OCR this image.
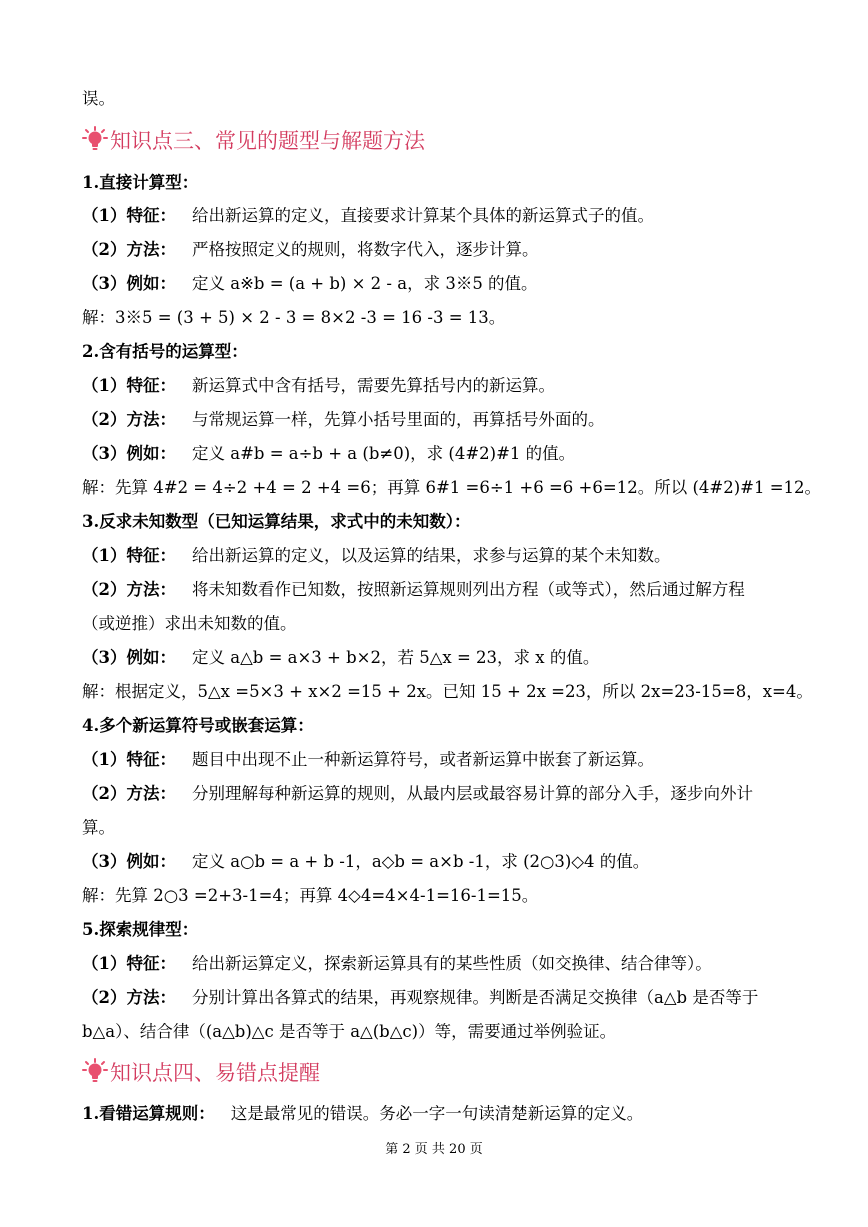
误。
知识点三、常见的题型与解题方法
1.直接计算型：
（1）特征： 给出新运算的定义，直接要求计算某个具体的新运算式子的值。
（2）方法： 严格按照定义的规则，将数字代入，逐步计算。
（3）例如： 定义 a※b = (a + b) × 2 - a，求 3※5 的值。
解：3※5 = (3 + 5) × 2 - 3 = 8×2 -3 = 16 -3 = 13。
2.含有括号的运算型：
（1）特征： 新运算式中含有括号，需要先算括号内的新运算。
（2）方法： 与常规运算一样，先算小括号里面的，再算括号外面的。
（3）例如： 定义 a#b = a÷b + a (b≠0)，求 (4#2)#1 的值。
解：先算 4#2 = 4÷2 +4 = 2 +4 =6；再算 6#1 =6÷1 +6 =6 +6=12。所以 (4#2)#1 =12。
3.反求未知数型（已知运算结果，求式中的未知数）：
（1）特征： 给出新运算的定义，以及运算的结果，求参与运算的某个未知数。
（2）方法： 将未知数看作已知数，按照新运算规则列出方程（或等式），然后通过解方程
（或逆推）求出未知数的值。
（3）例如： 定义 a△b = a×3 + b×2，若 5△x = 23，求 x 的值。
解：根据定义，5△x =5×3 + x×2 =15 + 2x。已知 15 + 2x =23，所以 2x=23-15=8，x=4。
4.多个新运算符号或嵌套运算：
（1）特征： 题目中出现不止一种新运算符号，或者新运算中嵌套了新运算。
（2）方法： 分别理解每种新运算的规则，从最内层或最容易计算的部分入手，逐步向外计
算。
（3）例如： 定义 a○b = a + b -1，a◇b = a×b -1，求 (2○3)◇4 的值。
解：先算 2○3 =2+3-1=4；再算 4◇4=4×4-1=16-1=15。
5.探索规律型：
（1）特征： 给出新运算定义，探索新运算具有的某些性质（如交换律、结合律等）。
（2）方法： 分别计算出各算式的结果，再观察规律。判断是否满足交换律（a△b 是否等于
b△a）、结合律（(a△b)△c 是否等于 a△(b△c)）等，需要通过举例验证。
知识点四、易错点提醒
1.看错运算规则： 这是最常见的错误。务必一字一句读清楚新运算的定义。
第 2 页 共 20 页
